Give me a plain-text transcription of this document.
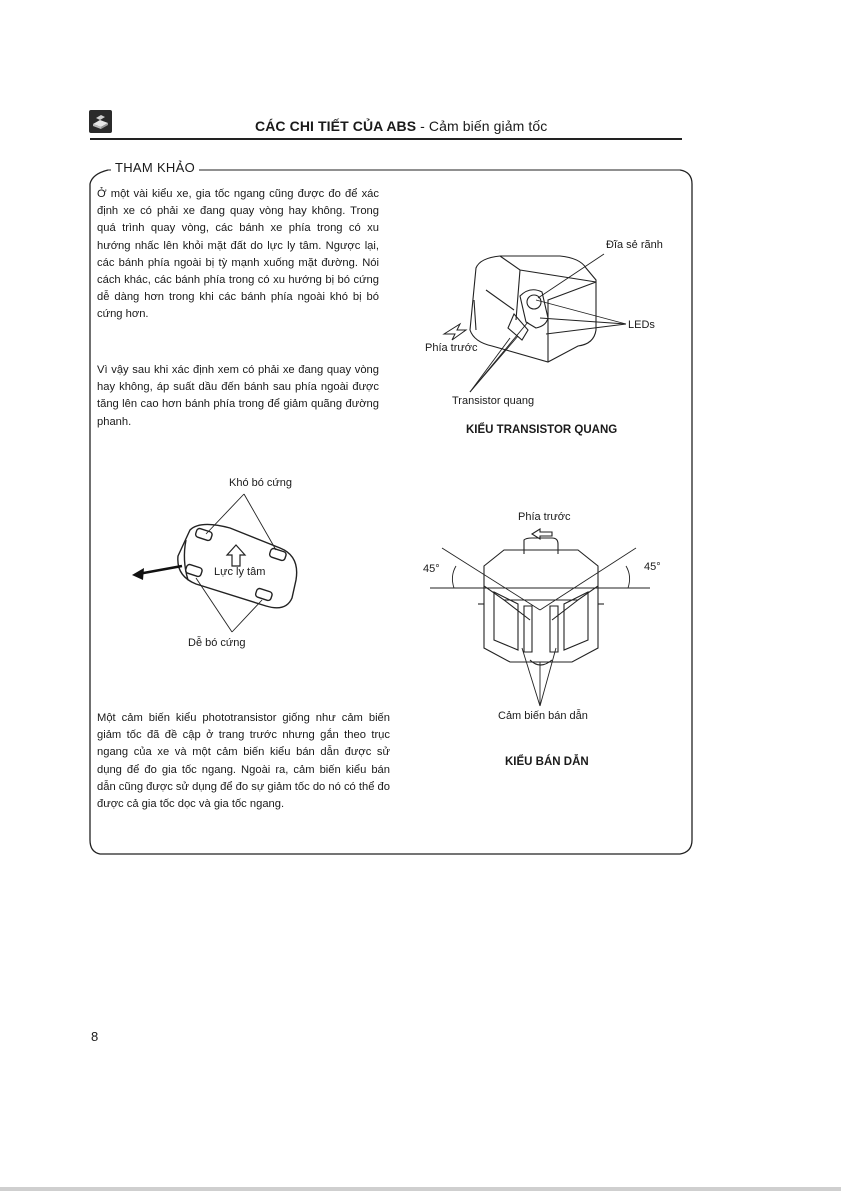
CÁC CHI TIẾT CỦA ABS - Cảm biến giảm tốc
THAM KHẢO

Ở một vài kiểu xe, gia tốc ngang cũng được đo để xác định xe có phải xe đang quay vòng hay không. Trong quá trình quay vòng, các bánh xe phía trong có xu hướng nhấc lên khỏi mặt đất do lực ly tâm. Ngược lại, các bánh phía ngoài bị tỳ mạnh xuống mặt đường. Nói cách khác, các bánh phía trong có xu hướng bị bó cứng dễ dàng hơn trong khi các bánh phía ngoài khó bị bó cứng hơn.

Vì vậy sau khi xác định xem có phải xe đang quay vòng hay không, áp suất dầu đến bánh sau phía ngoài được tăng lên cao hơn bánh phía trong để giảm quãng đường phanh.

Một cảm biến kiểu phototransistor giống như cảm biến giảm tốc đã đề cập ở trang trước nhưng gắn theo trục ngang của xe và một cảm biến kiểu bán dẫn được sử dụng để đo gia tốc ngang. Ngoài ra, cảm biến kiểu bán dẫn cũng được sử dụng để đo sự giảm tốc do nó có thể đo được cả gia tốc dọc và gia tốc ngang.

Khó bó cứng
Lực ly tâm
Dễ bó cứng
Đĩa sẻ rãnh
LEDs
Phía trước
Transistor quang
KIỂU TRANSISTOR QUANG
Phía trước
45°	45°
Cảm biến bán dẫn
KIỂU BÁN DẪN
8
